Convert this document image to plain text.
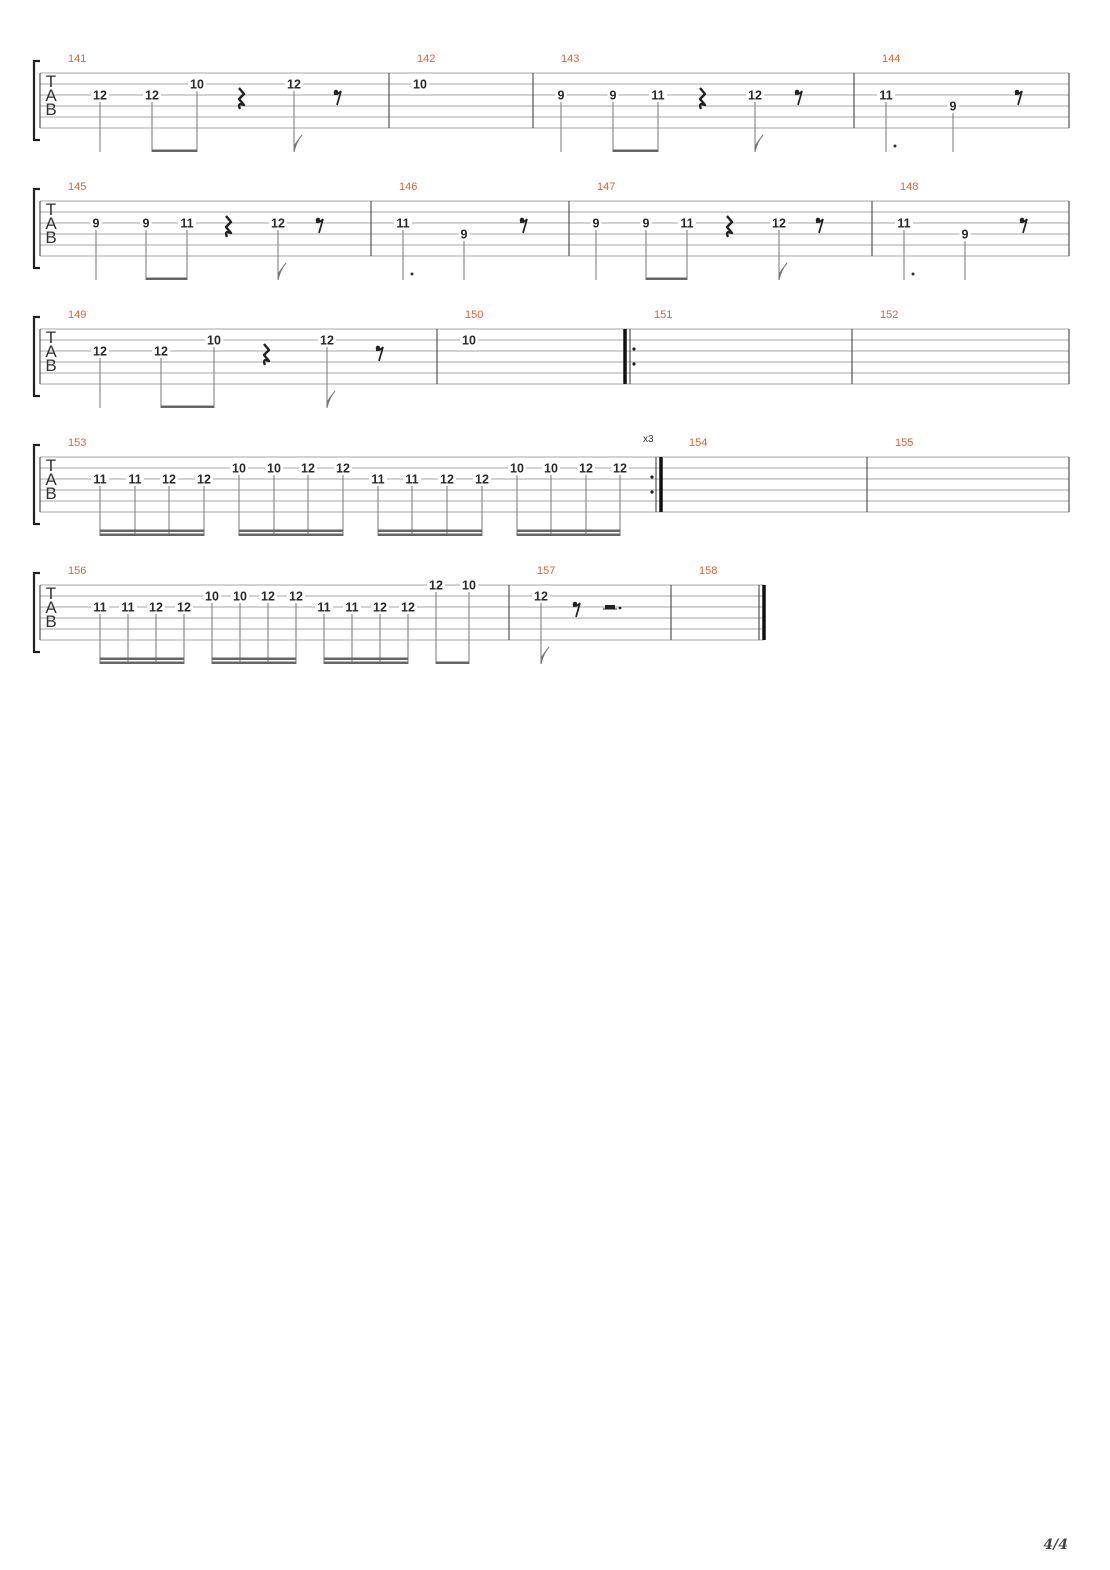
T
A
B
141
12	12
10	12
142
10
143
9	9	11	12
144
11
9
T
A
B
145
9	9 11	12
146
11
9
147
9	9 11	12
148
11
9
T
A
B
149
12	12
10	12
150
10
151	152
T
A
B
153	x3
11 11 12 12
10 10 12 12
11 11 12 12
10 10 12 12
154	155
T
A
B
156
11 11 12 12
10 10 12 12
11 11 12 12
12 10
157
12
158
4/4
